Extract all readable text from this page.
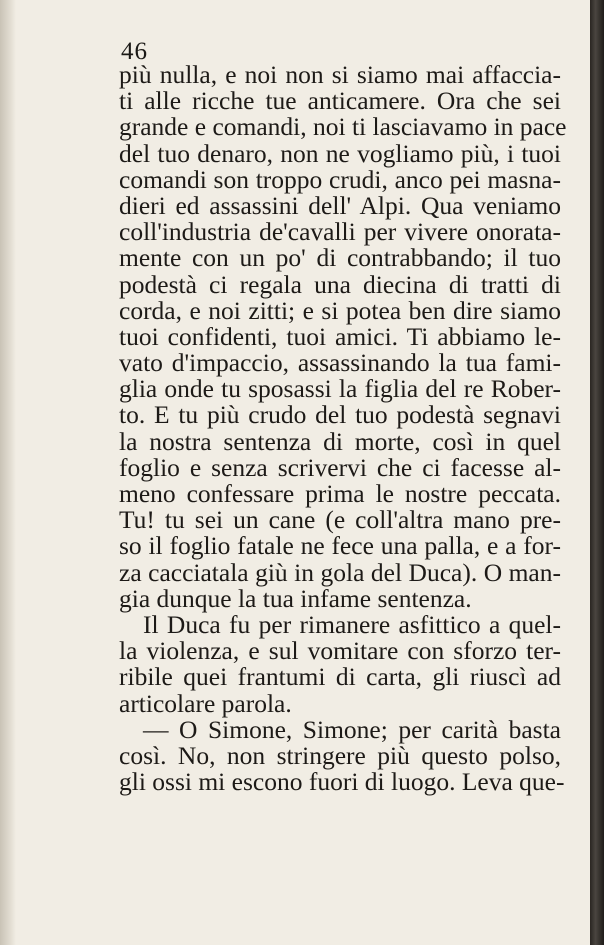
46
più nulla, e noi non si siamo mai affaccia-
ti alle ricche tue anticamere. Ora che sei
grande e comandi, noi ti lasciavamo in pace
del tuo denaro, non ne vogliamo più, i tuoi
comandi son troppo crudi, anco pei masna-
dieri ed assassini dell' Alpi. Qua veniamo
coll'industria de'cavalli per vivere onorata-
mente con un po' di contrabbando; il tuo
podestà ci regala una diecina di tratti di
corda, e noi zitti; e si potea ben dire siamo
tuoi confidenti, tuoi amici. Ti abbiamo le-
vato d'impaccio, assassinando la tua fami-
glia onde tu sposassi la figlia del re Rober-
to. E tu più crudo del tuo podestà segnavi
la nostra sentenza di morte, così in quel
foglio e senza scrivervi che ci facesse al-
meno confessare prima le nostre peccata.
Tu! tu sei un cane (e coll'altra mano pre-
so il foglio fatale ne fece una palla, e a for-
za cacciatala giù in gola del Duca). O man-
gia dunque la tua infame sentenza.
Il Duca fu per rimanere asfittico a quel-
la violenza, e sul vomitare con sforzo ter-
ribile quei frantumi di carta, gli riuscì ad
articolare parola.
— O Simone, Simone; per carità basta
così. No, non stringere più questo polso,
gli ossi mi escono fuori di luogo. Leva que-
